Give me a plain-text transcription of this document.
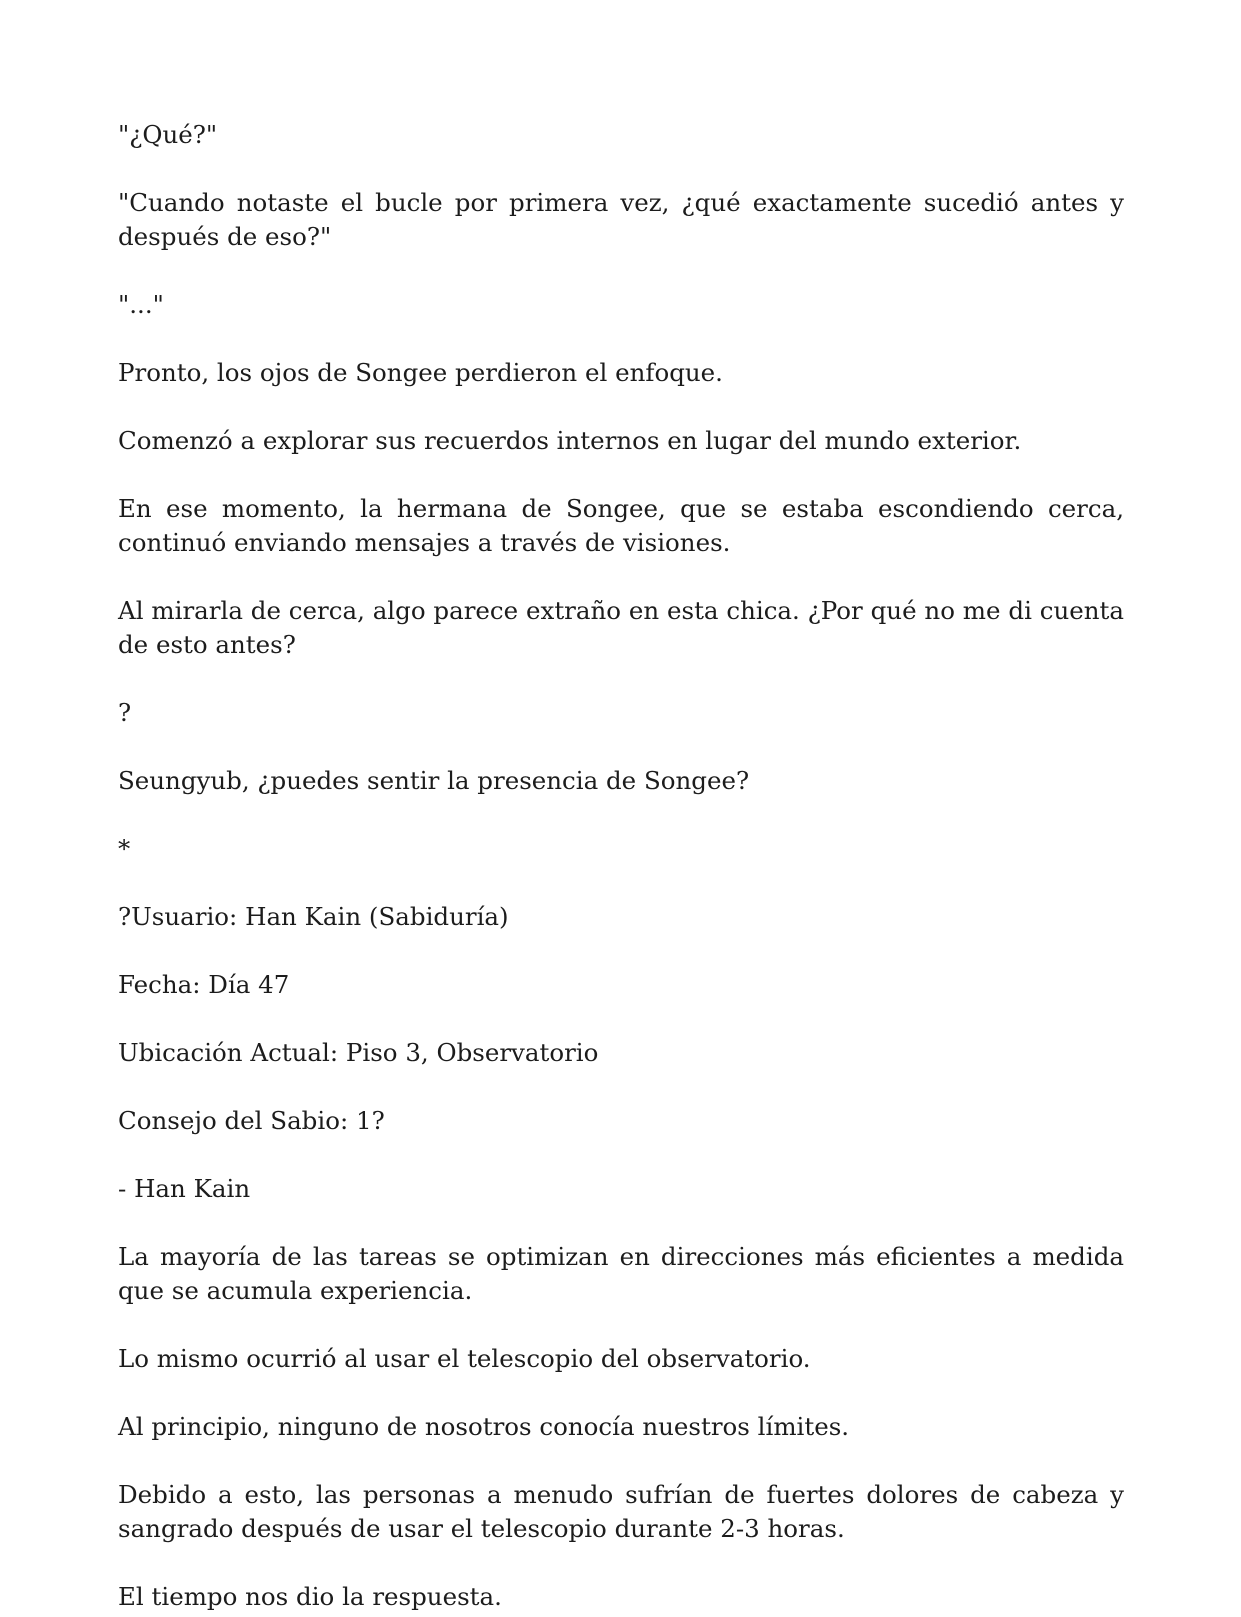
"¿Qué?"

"Cuando notaste el bucle por primera vez, ¿qué exactamente sucedió antes y después de eso?"

"..."

Pronto, los ojos de Songee perdieron el enfoque.

Comenzó a explorar sus recuerdos internos en lugar del mundo exterior.

En ese momento, la hermana de Songee, que se estaba escondiendo cerca, continuó enviando mensajes a través de visiones.

Al mirarla de cerca, algo parece extraño en esta chica. ¿Por qué no me di cuenta de esto antes?

?

Seungyub, ¿puedes sentir la presencia de Songee?

*

?Usuario: Han Kain (Sabiduría)

Fecha: Día 47

Ubicación Actual: Piso 3, Observatorio

Consejo del Sabio: 1?

- Han Kain

La mayoría de las tareas se optimizan en direcciones más eficientes a medida que se acumula experiencia.

Lo mismo ocurrió al usar el telescopio del observatorio.

Al principio, ninguno de nosotros conocía nuestros límites.

Debido a esto, las personas a menudo sufrían de fuertes dolores de cabeza y sangrado después de usar el telescopio durante 2-3 horas.

El tiempo nos dio la respuesta.
